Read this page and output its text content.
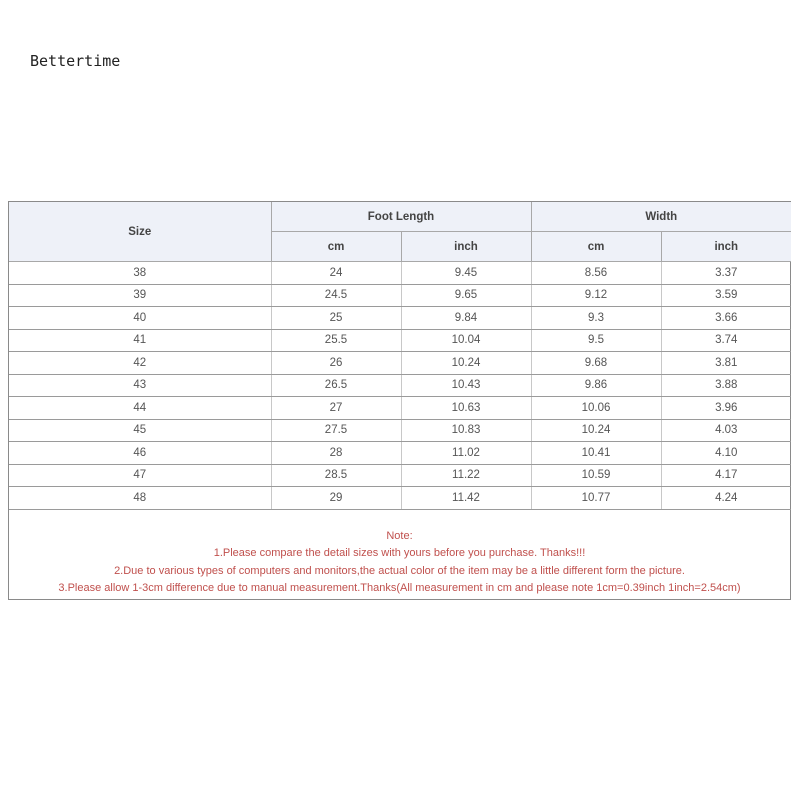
Bettertime
Size	Foot Length		Width	
	cm	inch	cm	inch
38	24	9.45	8.56	3.37
39	24.5	9.65	9.12	3.59
40	25	9.84	9.3	3.66
41	25.5	10.04	9.5	3.74
42	26	10.24	9.68	3.81
43	26.5	10.43	9.86	3.88
44	27	10.63	10.06	3.96
45	27.5	10.83	10.24	4.03
46	28	11.02	10.41	4.10
47	28.5	11.22	10.59	4.17
48	29	11.42	10.77	4.24
Note:
1.Please compare the detail sizes with yours before you purchase. Thanks!!!
2.Due to various types of computers and monitors,the actual color of the item may be a little different form the picture.
3.Please allow 1-3cm difference due to manual measurement.Thanks(All measurement in cm and please note 1cm=0.39inch 1inch=2.54cm)
